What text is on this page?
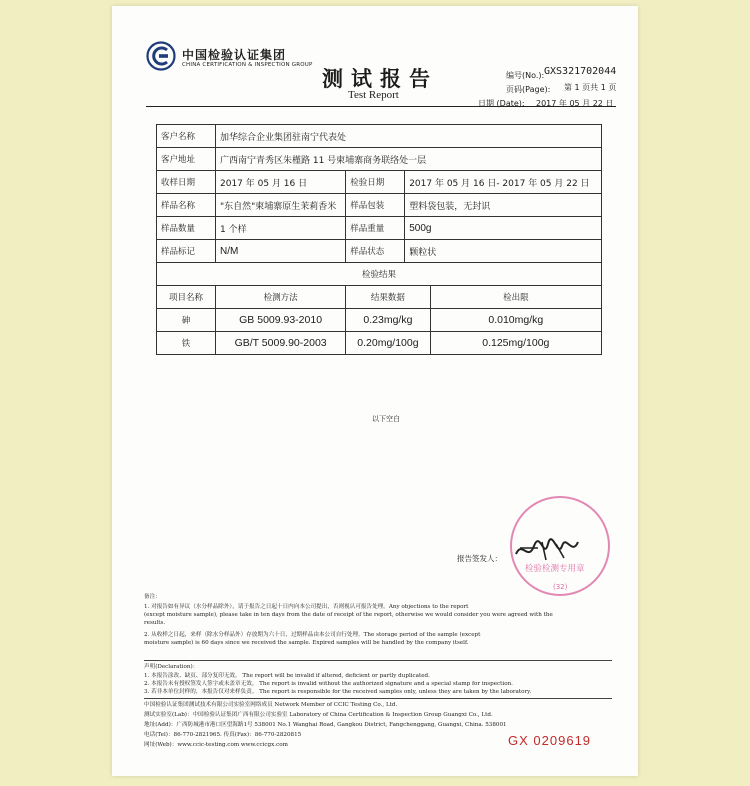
中国检验认证集团
CHINA CERTIFICATION & INSPECTION GROUP
测试报告
Test Report
编号(No.): GXS321702044
页码(Page): 第 1 页共 1 页
日期 (Date): 2017 年 05 月 22 日
客户名称	加华综合企业集团驻南宁代表处			
客户地址	广西南宁青秀区朱槿路 11 号柬埔寨商务联络处一层			
收样日期	2017 年 05 月 16 日	检验日期	2017 年 05 月 16 日- 2017 年 05 月 22 日	
样品名称	"东自然"柬埔寨原生茉莉香米	样品包装	塑料袋包装，无封识	
样品数量	1 个样	样品重量	500g	
样品标记	N/M	样品状态	颗粒状	
检验结果				
项目名称	检测方法	结果数据		检出限
砷	GB 5009.93-2010	0.23mg/kg		0.010mg/kg
铁	GB/T 5009.90-2003	0.20mg/100g		0.125mg/100g
以下空白
检验检测专用章
(32)
报告签发人：
备注：
1. 对报告如有异议（水分样品除外），请于报告之日起十日内向本公司提出，否则视认可报告处理。Any objections to the report
(except moisture sample), please take in ten days from the date of receipt of the report, otherwise we would consider you were agreed with the
results.
2. 从收样之日起，来样（除水分样品外）存放期为六十日，过期样品由本公司自行处理。The storage period of the sample (except
moisture sample) is 60 days since we received the sample. Expired samples will be handled by the company itself.
声明(Declaration)：
1. 本报告涂改、缺页、部分复印无效。 The report will be invalid if altered, deficient or partly duplicated.
2. 本报告未有授权签发人签字或未盖章无效。 The report is invalid without the authorized signature and a special stamp for inspection.
3. 若非本单位封样的，本报告仅对来样负责。 The report is responsible for the received samples only, unless they are taken by the laboratory.
中国检验认证集团测试技术有限公司实验室网络成员 Network Member of CCIC Testing Co., Ltd.
测试实验室(Lab)：中国检验认证集团广西有限公司实验室 Laboratory of China Certification & Inspection Group Guangxi Co., Ltd.
地址(Add)：广西防城港市港口区望海路1号 538001 No.1 Wanghai Road, Gangkou District, Fangchenggang, Guangxi, China. 538001
电话(Tel)：86-770-2821965. 传真(Fax)：86-770-2820815
网址(Web)：www.ccic-testing.com www.ccicgx.com	GX 0209619
